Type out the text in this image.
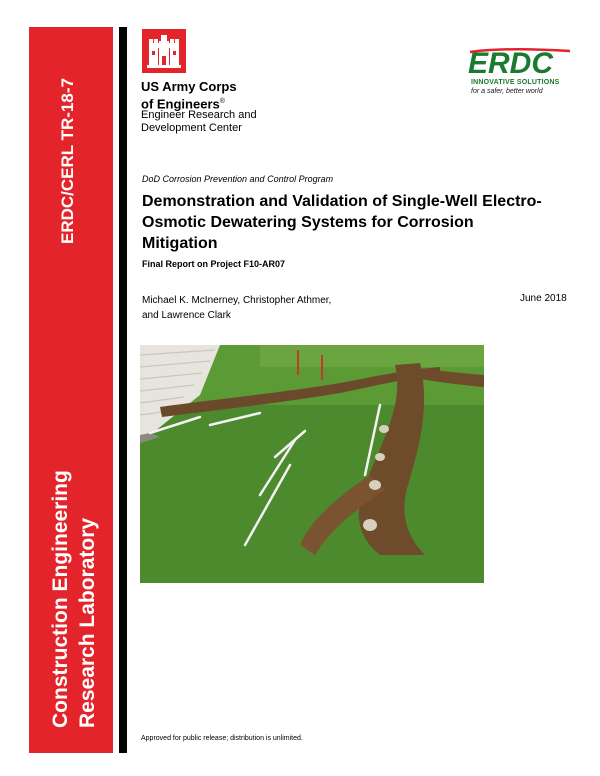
ERDC/CERL TR-18-7
Construction Engineering Research Laboratory
US Army Corps
of Engineers®
Engineer Research and
Development Center
ERDC
INNOVATIVE SOLUTIONS
for a safer, better world
DoD Corrosion Prevention and Control Program
Demonstration and Validation of Single-Well Electro-Osmotic Dewatering Systems for Corrosion Mitigation
Final Report on Project F10-AR07
Michael K. McInerney, Christopher Athmer,
and Lawrence Clark
June 2018
Approved for public release; distribution is unlimited.
